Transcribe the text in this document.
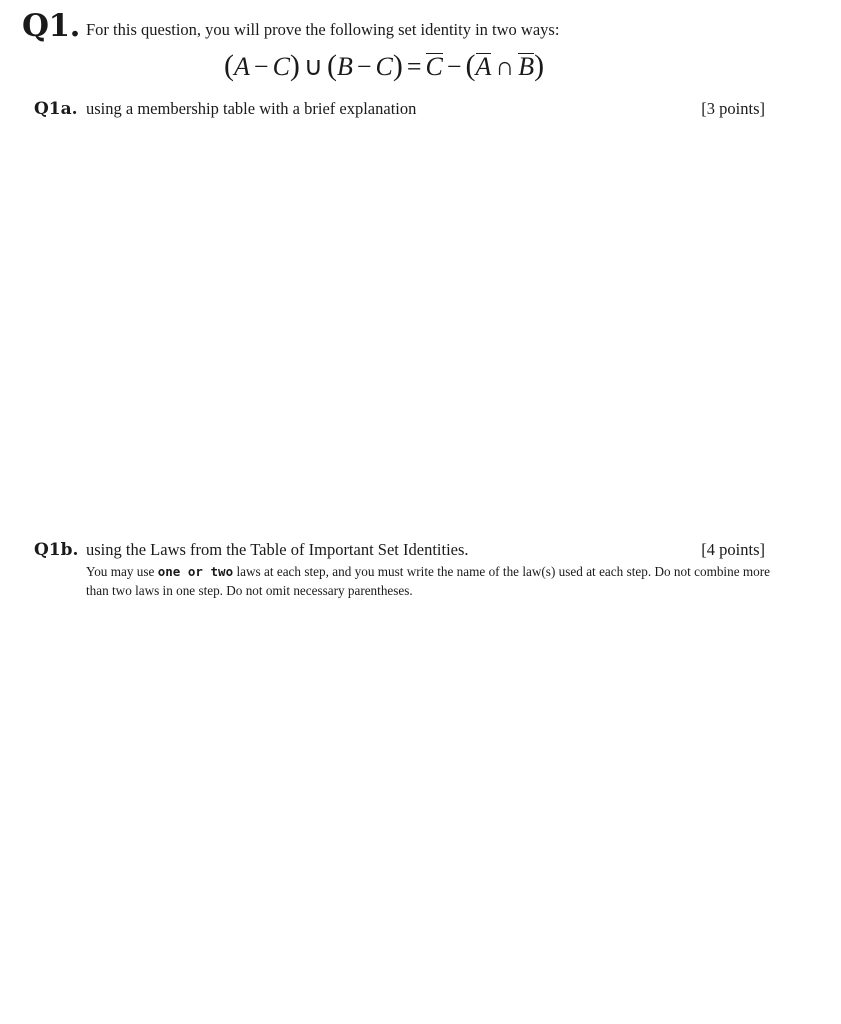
Q1. For this question, you will prove the following set identity in two ways:
(A − C) ∪ (B − C) = C − (A ∩ B)
Q1a. using a membership table with a brief explanation	[3 points]
Q1b. using the Laws from the Table of Important Set Identities.	[4 points]
You may use one or two laws at each step, and you must write the name of the law(s) used at each step. Do not combine more than two laws in one step. Do not omit necessary parentheses.
